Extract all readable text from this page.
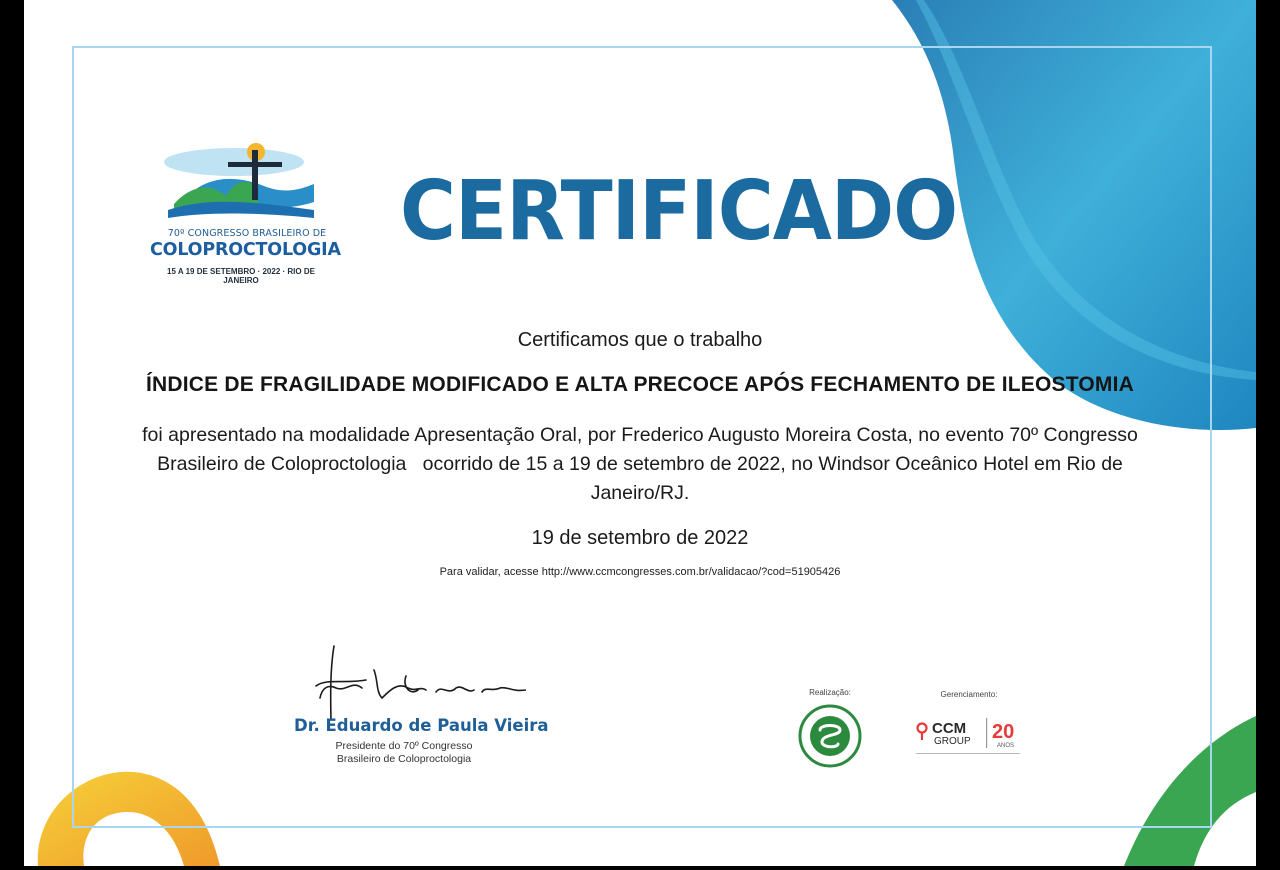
70º CONGRESSO BRASILEIRO DE
COLOPROCTOLOGIA
15 A 19 DE SETEMBRO · 2022 · RIO DE JANEIRO
CERTIFICADO
Certificamos que o trabalho
ÍNDICE DE FRAGILIDADE MODIFICADO E ALTA PRECOCE APÓS FECHAMENTO DE ILEOSTOMIA
foi apresentado na modalidade Apresentação Oral, por Frederico Augusto Moreira Costa, no evento 70º Congresso Brasileiro de Coloproctologia   ocorrido de 15 a 19 de setembro de 2022, no Windsor Oceânico Hotel em Rio de Janeiro/RJ.
19 de setembro de 2022
Para validar, acesse http://www.ccmcongresses.com.br/validacao/?cod=51905426
Dr. Eduardo de Paula Vieira
Presidente do 70º Congresso
Brasileiro de Coloproctologia
Realização:	Gerenciamento:
CCM
GROUP 20
ANOS
